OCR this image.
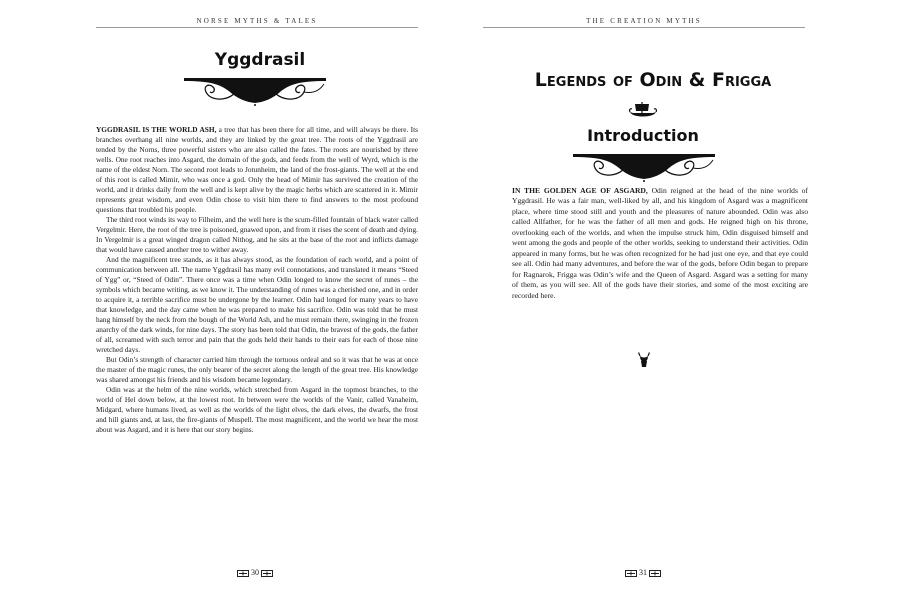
NORSE MYTHS & TALES
Yggdrasil

YGGDRASIL IS THE WORLD ASH, a tree that has been there for all time, and will always be there. Its branches overhang all nine worlds, and they are linked by the great tree. The roots of the Yggdrasil are tended by the Norns, three powerful sisters who are also called the fates. The roots are nourished by three wells. One root reaches into Asgard, the domain of the gods, and feeds from the well of Wyrd, which is the name of the eldest Norn. The second root leads to Jotunheim, the land of the frost-giants. The well at the end of this root is called Mimir, who was once a god. Only the head of Mimir has survived the creation of the world, and it drinks daily from the well and is kept alive by the magic herbs which are scattered in it. Mimir represents great wisdom, and even Odin chose to visit him there to find answers to the most profound questions that troubled his people.

The third root winds its way to Filheim, and the well here is the scum-filled fountain of black water called Vergelmir. Here, the root of the tree is poisoned, gnawed upon, and from it rises the scent of death and dying. In Vergelmir is a great winged dragon called Nithog, and he sits at the base of the root and inflicts damage that would have caused another tree to wither away.

And the magnificent tree stands, as it has always stood, as the foundation of each world, and a point of communication between all. The name Yggdrasil has many evil connotations, and translated it means “Steed of Ygg” or, “Steed of Odin”. There once was a time when Odin longed to know the secret of runes – the symbols which became writing, as we know it. The understanding of runes was a cherished one, and in order to acquire it, a terrible sacrifice must be undergone by the learner. Odin had longed for many years to have that knowledge, and the day came when he was prepared to make his sacrifice. Odin was told that he must hang himself by the neck from the bough of the World Ash, and he must remain there, swinging in the frozen anarchy of the dark winds, for nine days. The story has been told that Odin, the bravest of the gods, the father of all, screamed with such terror and pain that the gods held their hands to their ears for each of those nine wretched days.

But Odin’s strength of character carried him through the tortuous ordeal and so it was that he was at once the master of the magic runes, the only bearer of the secret along the length of the great tree. His knowledge was shared amongst his friends and his wisdom became legendary.

Odin was at the helm of the nine worlds, which stretched from Asgard in the topmost branches, to the world of Hel down below, at the lowest root. In between were the worlds of the Vanir, called Vanaheim, Midgard, where humans lived, as well as the worlds of the light elves, the dark elves, the dwarfs, the frost and hill giants and, at last, the fire-giants of Muspell. The most magnificent, and the world we hear the most about was Asgard, and it is here that our story begins.

30
THE CREATION MYTHS
Legends of Odin & Frigga
Introduction

IN THE GOLDEN AGE OF ASGARD, Odin reigned at the head of the nine worlds of Yggdrasil. He was a fair man, well-liked by all, and his kingdom of Asgard was a magnificent place, where time stood still and youth and the pleasures of nature abounded. Odin was also called Allfather, for he was the father of all men and gods. He reigned high on his throne, overlooking each of the worlds, and when the impulse struck him, Odin disguised himself and went among the gods and people of the other worlds, seeking to understand their activities. Odin appeared in many forms, but he was often recognized for he had just one eye, and that eye could see all. Odin had many adventures, and before the war of the gods, before Odin began to prepare for Ragnarok, Frigga was Odin’s wife and the Queen of Asgard. Asgard was a setting for many of them, as you will see. All of the gods have their stories, and some of the most exciting are recorded here.

31
